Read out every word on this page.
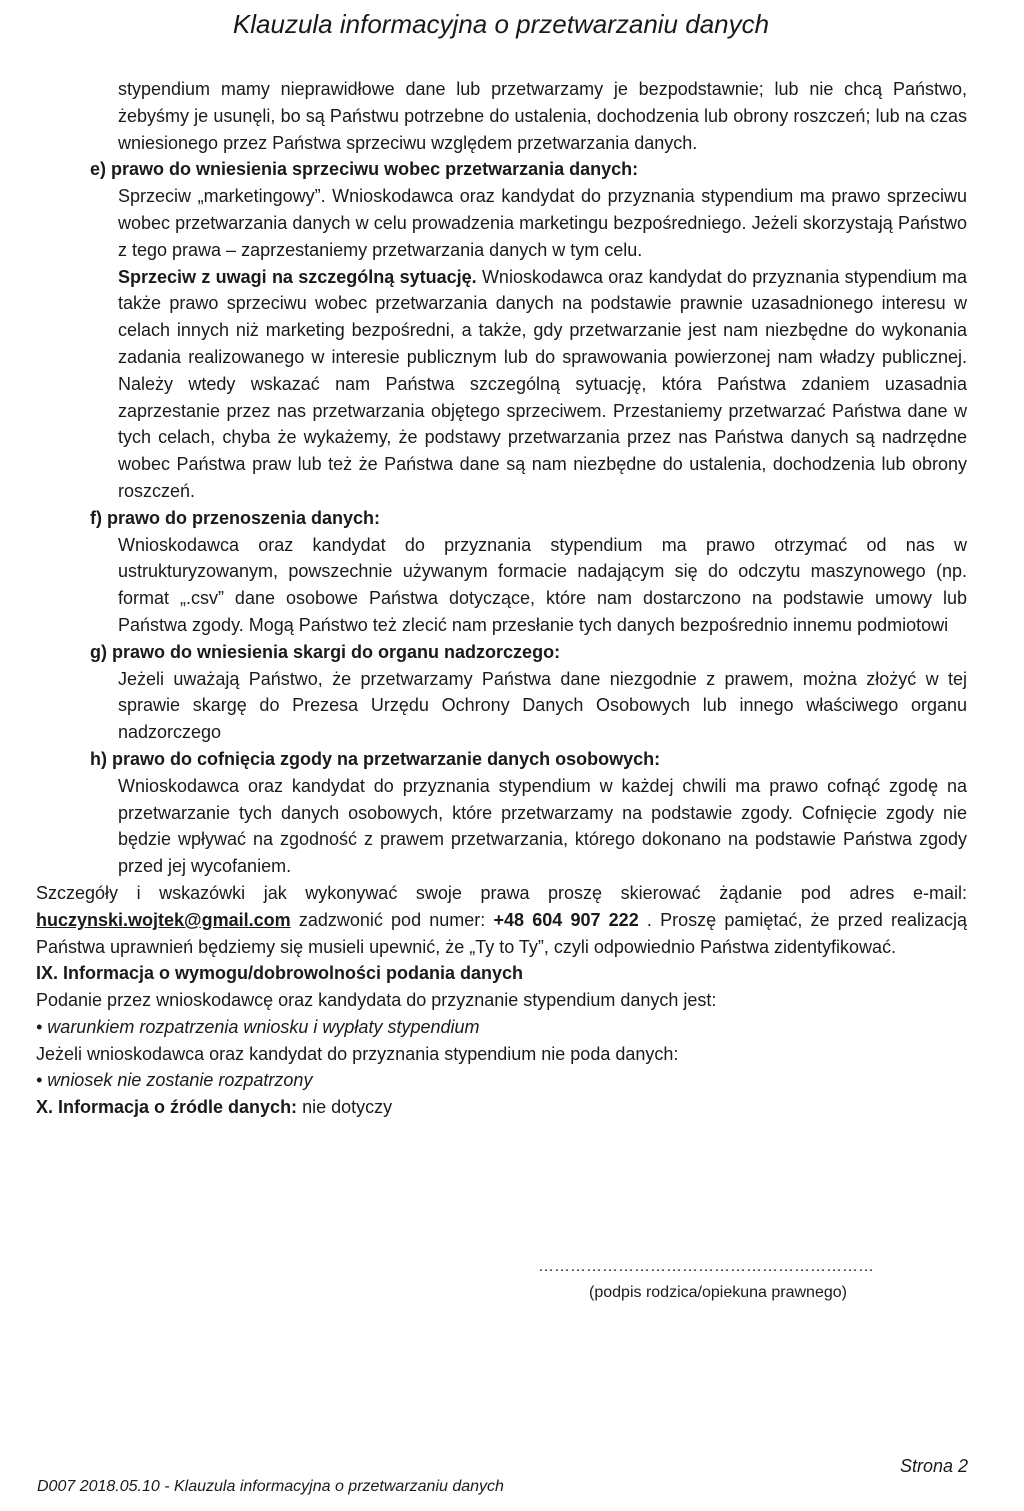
Klauzula informacyjna o przetwarzaniu danych

stypendium mamy nieprawidłowe dane lub przetwarzamy je bezpodstawnie; lub nie chcą Państwo, żebyśmy je usunęli, bo są Państwu potrzebne do ustalenia, dochodzenia lub obrony roszczeń; lub na czas wniesionego przez Państwa sprzeciwu względem przetwarzania danych.

e) prawo do wniesienia sprzeciwu wobec przetwarzania danych:

Sprzeciw „marketingowy”. Wnioskodawca oraz kandydat do przyznania stypendium ma prawo sprzeciwu wobec przetwarzania danych w celu prowadzenia marketingu bezpośredniego. Jeżeli skorzystają Państwo z tego prawa – zaprzestaniemy przetwarzania danych w tym celu.

Sprzeciw z uwagi na szczególną sytuację. Wnioskodawca oraz kandydat do przyznania stypendium ma także prawo sprzeciwu wobec przetwarzania danych na podstawie prawnie uzasadnionego interesu w celach innych niż marketing bezpośredni, a także, gdy przetwarzanie jest nam niezbędne do wykonania zadania realizowanego w interesie publicznym lub do sprawowania powierzonej nam władzy publicznej. Należy wtedy wskazać nam Państwa szczególną sytuację, która Państwa zdaniem uzasadnia zaprzestanie przez nas przetwarzania objętego sprzeciwem. Przestaniemy przetwarzać Państwa dane w tych celach, chyba że wykażemy, że podstawy przetwarzania przez nas Państwa danych są nadrzędne wobec Państwa praw lub też że Państwa dane są nam niezbędne do ustalenia, dochodzenia lub obrony roszczeń.

f) prawo do przenoszenia danych:

Wnioskodawca oraz kandydat do przyznania stypendium ma prawo otrzymać od nas w ustrukturyzowanym, powszechnie używanym formacie nadającym się do odczytu maszynowego (np. format „.csv” dane osobowe Państwa dotyczące, które nam dostarczono na podstawie umowy lub Państwa zgody. Mogą Państwo też zlecić nam przesłanie tych danych bezpośrednio innemu podmiotowi

g) prawo do wniesienia skargi do organu nadzorczego:

Jeżeli uważają Państwo, że przetwarzamy Państwa dane niezgodnie z prawem, można złożyć w tej sprawie skargę do Prezesa Urzędu Ochrony Danych Osobowych lub innego właściwego organu nadzorczego

h) prawo do cofnięcia zgody na przetwarzanie danych osobowych:

Wnioskodawca oraz kandydat do przyznania stypendium w każdej chwili ma prawo cofnąć zgodę na przetwarzanie tych danych osobowych, które przetwarzamy na podstawie zgody. Cofnięcie zgody nie będzie wpływać na zgodność z prawem przetwarzania, którego dokonano na podstawie Państwa zgody przed jej wycofaniem.

Szczegóły i wskazówki jak wykonywać swoje prawa proszę skierować żądanie pod adres e-mail: huczynski.wojtek@gmail.com zadzwonić pod numer: +48 604 907 222 . Proszę pamiętać, że przed realizacją Państwa uprawnień będziemy się musieli upewnić, że „Ty to Ty”, czyli odpowiednio Państwa zidentyfikować.

IX. Informacja o wymogu/dobrowolności podania danych

Podanie przez wnioskodawcę oraz kandydata do przyznanie stypendium danych jest:

• warunkiem rozpatrzenia wniosku i wypłaty stypendium

Jeżeli wnioskodawca oraz kandydat do przyznania stypendium nie poda danych:

• wniosek nie zostanie rozpatrzony

X. Informacja o źródle danych: nie dotyczy

………………………………………………………
(podpis rodzica/opiekuna prawnego)
Strona 2
D007 2018.05.10 - Klauzula informacyjna o przetwarzaniu danych
